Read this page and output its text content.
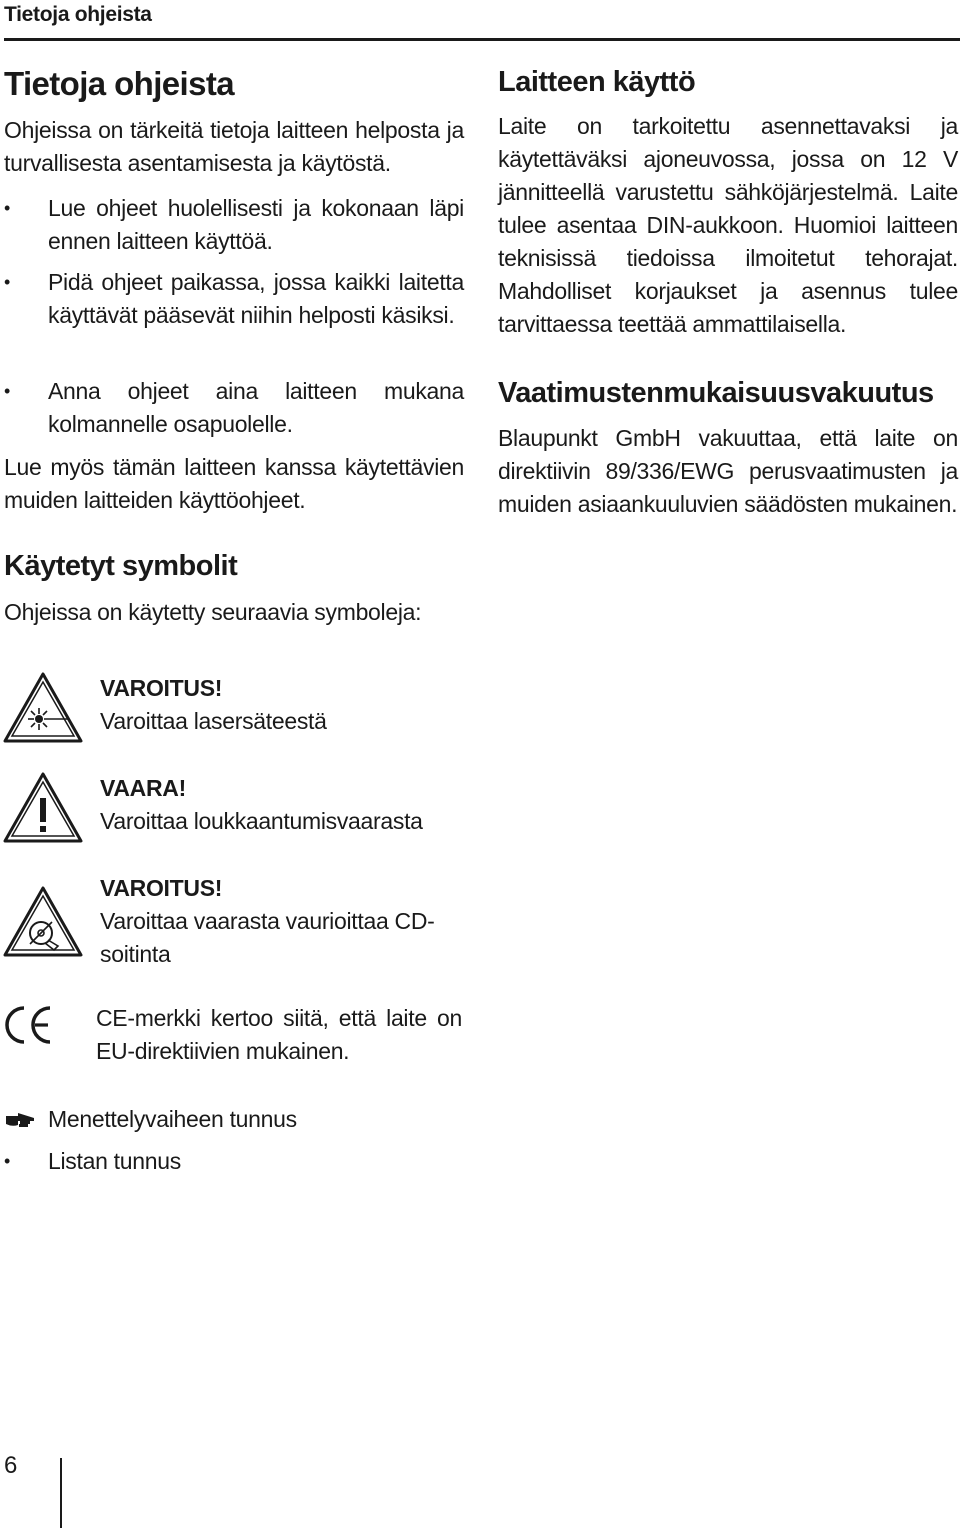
Tietoja ohjeista
Tietoja ohjeista

Ohjeissa on tärkeitä tietoja laitteen helposta ja turvallisesta asentamisesta ja käytöstä.

•	Lue ohjeet huolellisesti ja kokonaan läpi ennen laitteen käyttöä.
•	Pidä ohjeet paikassa, jossa kaikki laitetta käyttävät pääsevät niihin helposti käsiksi.
•	Anna ohjeet aina laitteen mukana kolmannelle osapuolelle.

Lue myös tämän laitteen kanssa käytettävien muiden laitteiden käyttöohjeet.

Käytetyt symbolit

Ohjeissa on käytetty seuraavia symboleja:

VAROITUS!
Varoittaa lasersäteestä
VAARA!
Varoittaa loukkaantumisvaarasta
VAROITUS!
Varoittaa vaarasta vaurioittaa CD-soitinta
CE-merkki kertoo siitä, että laite on EU-direktiivien mukainen.
Menettelyvaiheen tunnus
•	Listan tunnus
Laitteen käyttö

Laite on tarkoitettu asennettavaksi ja käytettäväksi ajoneuvossa, jossa on 12 V jännitteellä varustettu sähköjärjestelmä. Laite tulee asentaa DIN-aukkoon. Huomioi laitteen teknisissä tiedoissa ilmoitetut tehorajat. Mahdolliset korjaukset ja asennus tulee tarvittaessa teettää ammattilaisella.

Vaatimustenmukaisuusvakuutus

Blaupunkt GmbH vakuuttaa, että laite on direktiivin 89/336/EWG perusvaatimusten ja muiden asiaankuuluvien säädösten mukainen.

6
